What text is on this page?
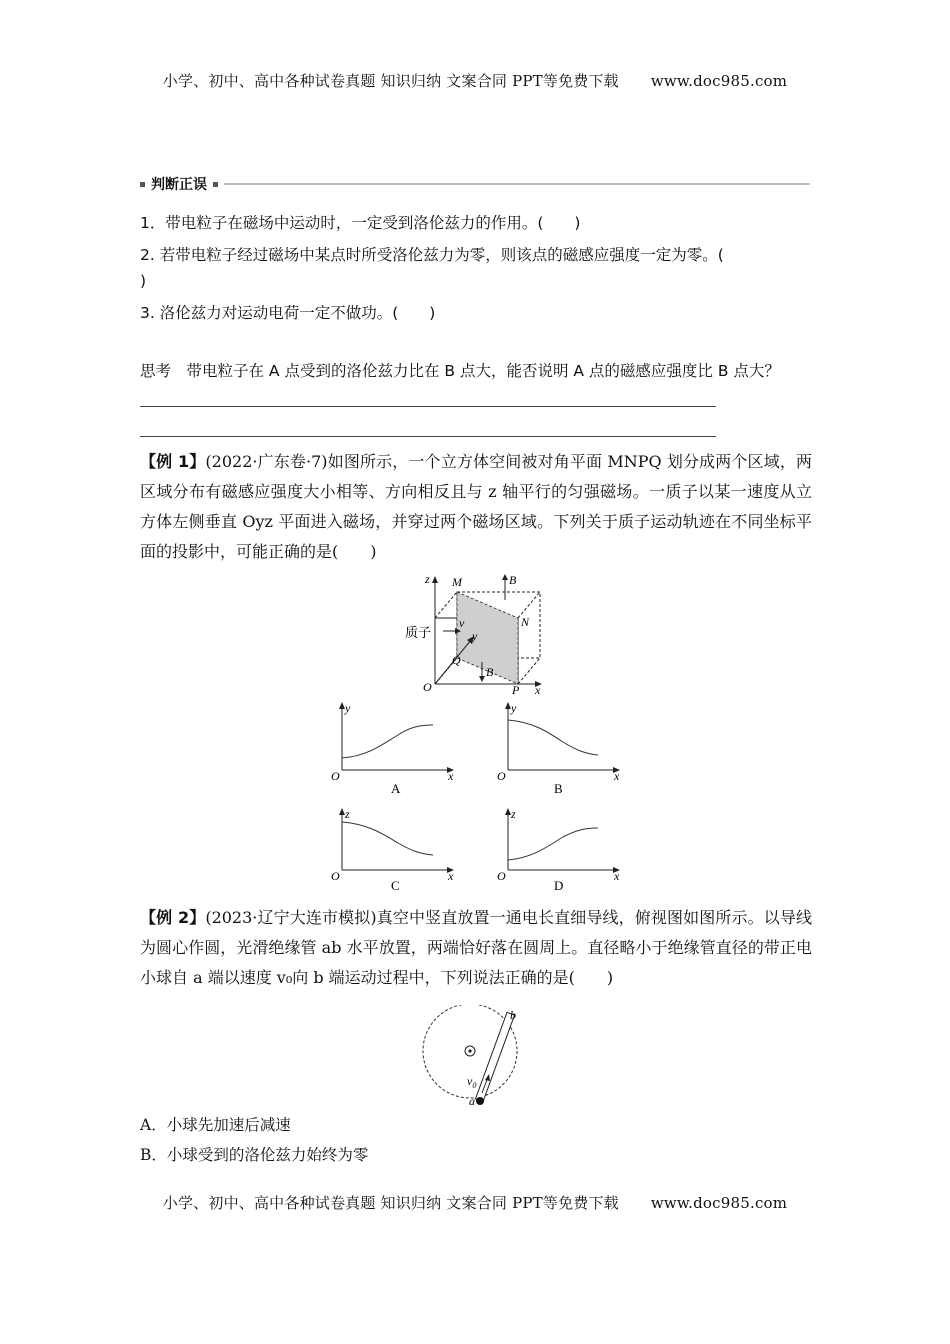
小学、初中、高中各种试卷真题 知识归纳 文案合同 PPT等免费下载 www.doc985.com
判断正误
1．带电粒子在磁场中运动时，一定受到洛伦兹力的作用。(　　)
2. 若带电粒子经过磁场中某点时所受洛伦兹力为零，则该点的磁感应强度一定为零。(
)
3. 洛伦兹力对运动电荷一定不做功。(　　)
思考　带电粒子在 A 点受到的洛伦兹力比在 B 点大，能否说明 A 点的磁感应强度比 B 点大？
【例 1】(2022·广东卷·7)如图所示，一个立方体空间被对角平面 MNPQ 划分成两个区域，两区域分布有磁感应强度大小相等、方向相反且与 z 轴平行的匀强磁场。一质子以某一速度从立方体左侧垂直 Oyz 平面进入磁场，并穿过两个磁场区域。下列关于质子运动轨迹在不同坐标平面的投影中，可能正确的是(　　)
z M	B
N
v
y
质子
Q
B
O	P x
y
O	x
A
y
O	x
B
z
O	x
C
z
O	x
D
【例 2】(2023·辽宁大连市模拟)真空中竖直放置一通电长直细导线，俯视图如图所示。以导线为圆心作圆，光滑绝缘管 ab 水平放置，两端恰好落在圆周上。直径略小于绝缘管直径的带正电小球自 a 端以速度 v₀向 b 端运动过程中，下列说法正确的是(　　)
a
b
$v_0$
A．小球先加速后减速
B．小球受到的洛伦兹力始终为零
小学、初中、高中各种试卷真题 知识归纳 文案合同 PPT等免费下载 www.doc985.com
